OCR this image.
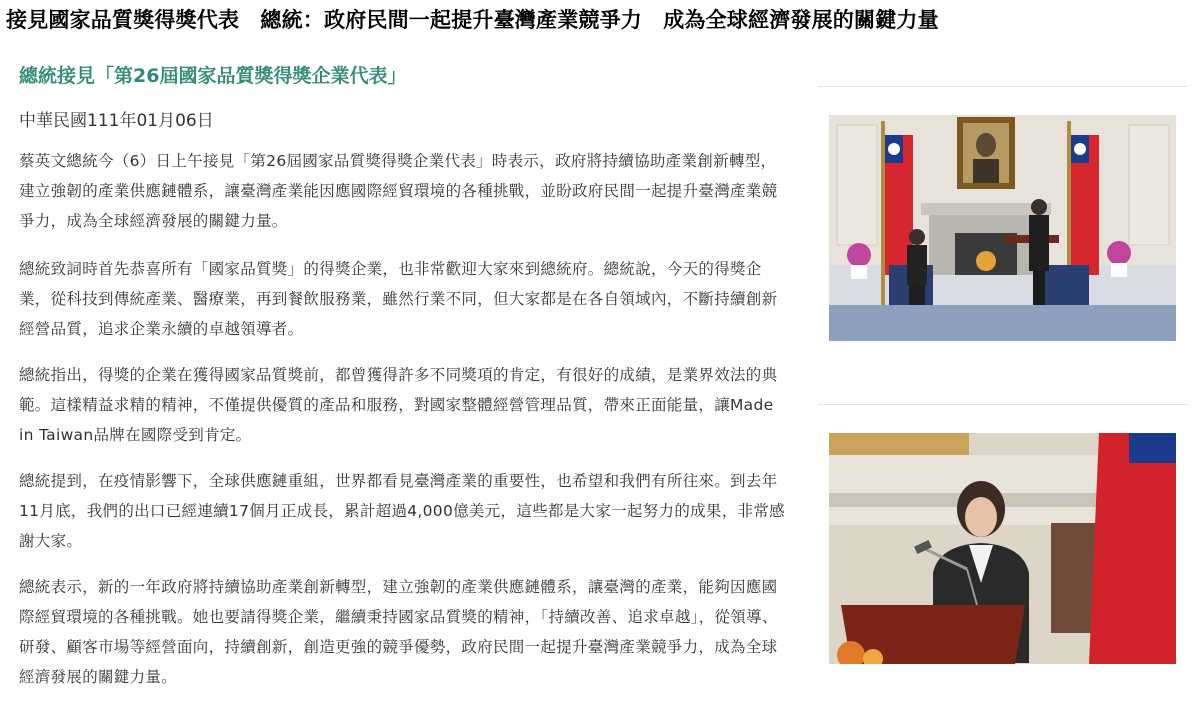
接見國家品質獎得獎代表　總統：政府民間一起提升臺灣產業競爭力　成為全球經濟發展的關鍵力量
總統接見「第26屆國家品質獎得獎企業代表」
中華民國111年01月06日

蔡英文總統今（6）日上午接見「第26屆國家品質獎得獎企業代表」時表示，政府將持續協助產業創新轉型，建立強韌的產業供應鏈體系，讓臺灣產業能因應國際經貿環境的各種挑戰，並盼政府民間一起提升臺灣產業競爭力，成為全球經濟發展的關鍵力量。

總統致詞時首先恭喜所有「國家品質獎」的得獎企業，也非常歡迎大家來到總統府。總統說，今天的得獎企業，從科技到傳統產業、醫療業，再到餐飲服務業，雖然行業不同，但大家都是在各自領域內，不斷持續創新經營品質，追求企業永續的卓越領導者。

總統指出，得獎的企業在獲得國家品質獎前，都曾獲得許多不同獎項的肯定，有很好的成績，是業界效法的典範。這樣精益求精的精神，不僅提供優質的產品和服務，對國家整體經營管理品質，帶來正面能量，讓Made in Taiwan品牌在國際受到肯定。

總統提到，在疫情影響下，全球供應鏈重組，世界都看見臺灣產業的重要性，也希望和我們有所往來。到去年11月底，我們的出口已經連續17個月正成長，累計超過4,000億美元，這些都是大家一起努力的成果，非常感謝大家。

總統表示，新的一年政府將持續協助產業創新轉型，建立強韌的產業供應鏈體系，讓臺灣的產業，能夠因應國際經貿環境的各種挑戰。她也要請得獎企業，繼續秉持國家品質獎的精神，「持續改善、追求卓越」，從領導、研發、顧客市場等經營面向，持續創新，創造更強的競爭優勢，政府民間一起提升臺灣產業競爭力，成為全球經濟發展的關鍵力量。
